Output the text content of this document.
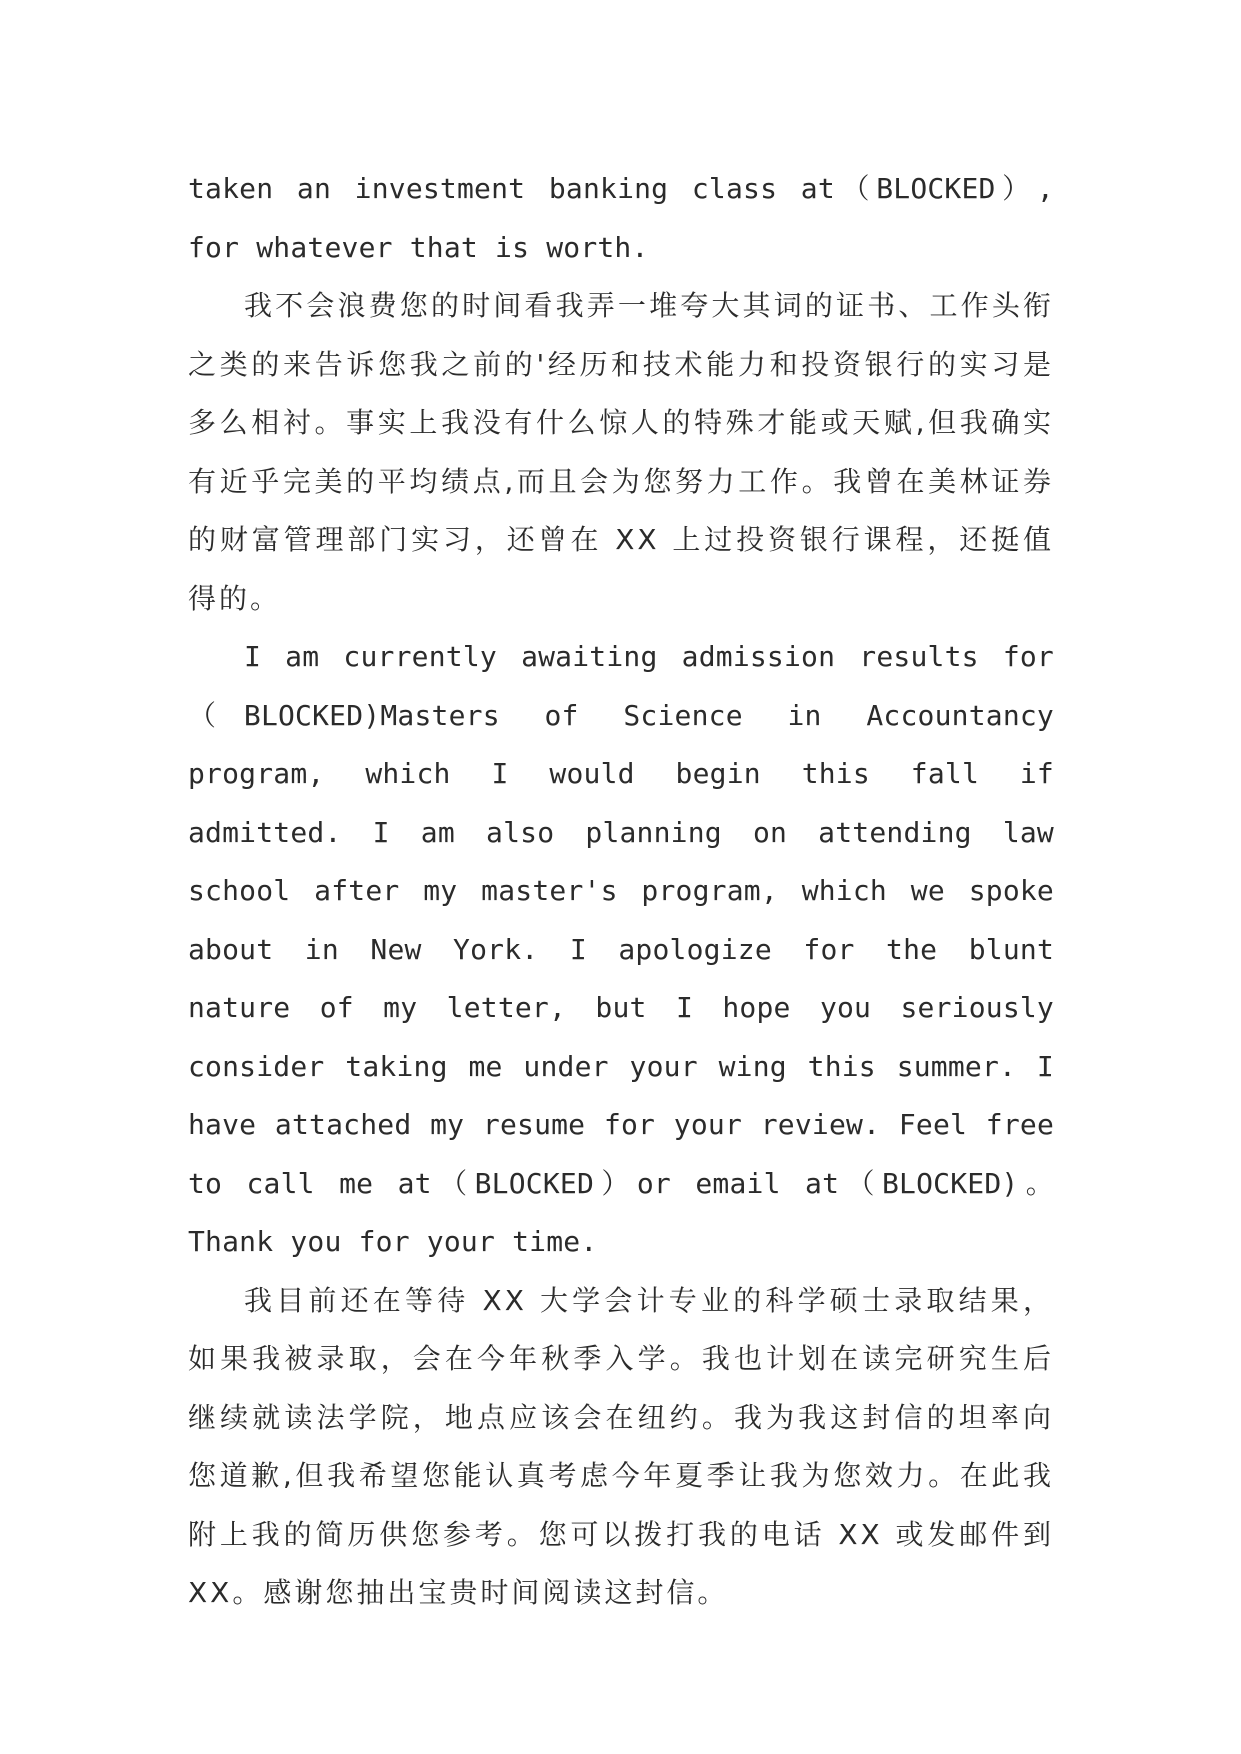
taken an investment banking class at（BLOCKED）, for whatever that is worth.

我不会浪费您的时间看我弄一堆夸大其词的证书、工作头衔之类的来告诉您我之前的'经历和技术能力和投资银行的实习是多么相衬。事实上我没有什么惊人的特殊才能或天赋,但我确实有近乎完美的平均绩点,而且会为您努力工作。我曾在美林证券的财富管理部门实习，还曾在 XX 上过投资银行课程，还挺值得的。

I am currently awaiting admission results for（BLOCKED)Masters of Science in Accountancy program, which I would begin this fall if admitted. I am also planning on attending law school after my master's program, which we spoke about in New York. I apologize for the blunt nature of my letter, but I hope you seriously consider taking me under your wing this summer. I have attached my resume for your review. Feel free to call me at（BLOCKED）or email at（BLOCKED)。 Thank you for your time.

我目前还在等待 XX 大学会计专业的科学硕士录取结果，如果我被录取，会在今年秋季入学。我也计划在读完研究生后继续就读法学院，地点应该会在纽约。我为我这封信的坦率向您道歉,但我希望您能认真考虑今年夏季让我为您效力。在此我附上我的简历供您参考。您可以拨打我的电话 XX 或发邮件到 XX。感谢您抽出宝贵时间阅读这封信。
